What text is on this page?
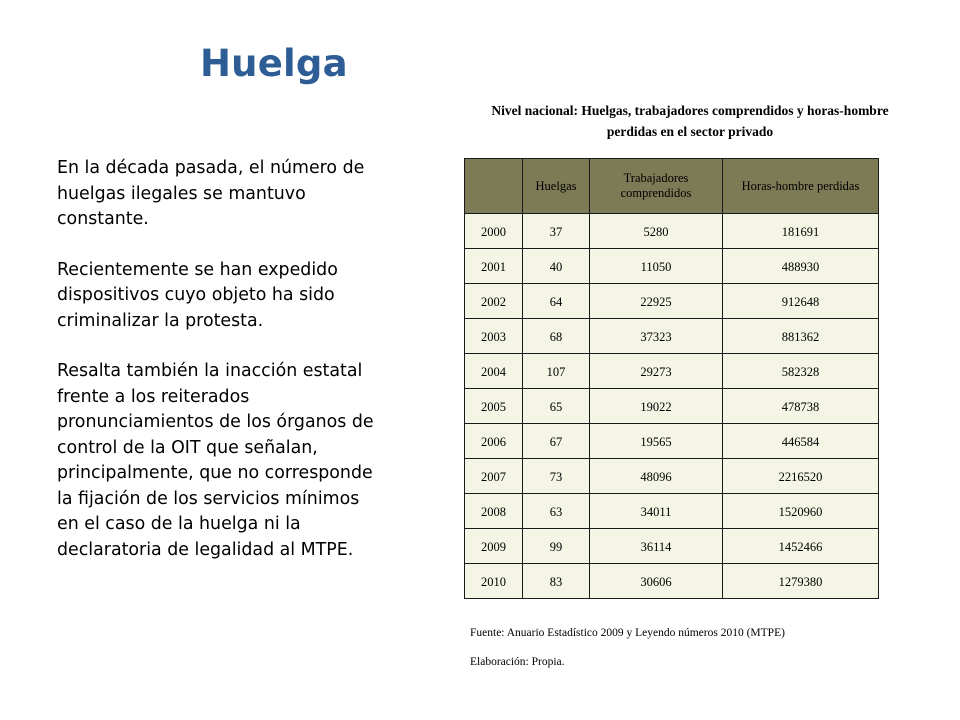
Huelga

En la década pasada, el número de huelgas ilegales se mantuvo constante.

Recientemente se han expedido dispositivos cuyo objeto ha sido criminalizar la protesta.

Resalta también la inacción estatal frente a los reiterados pronunciamientos de los órganos de control de la OIT que señalan, principalmente, que no corresponde la fijación de los servicios mínimos en el caso de la huelga ni la declaratoria de legalidad al MTPE.

Nivel nacional: Huelgas, trabajadores comprendidos y horas-hombre perdidas en el sector privado
	Huelgas	Trabajadores comprendidos	Horas-hombre perdidas
2000	37	5280	181691
2001	40	11050	488930
2002	64	22925	912648
2003	68	37323	881362
2004	107	29273	582328
2005	65	19022	478738
2006	67	19565	446584
2007	73	48096	2216520
2008	63	34011	1520960
2009	99	36114	1452466
2010	83	30606	1279380
Fuente: Anuario Estadístico 2009 y Leyendo números 2010 (MTPE)
Elaboración: Propia.
